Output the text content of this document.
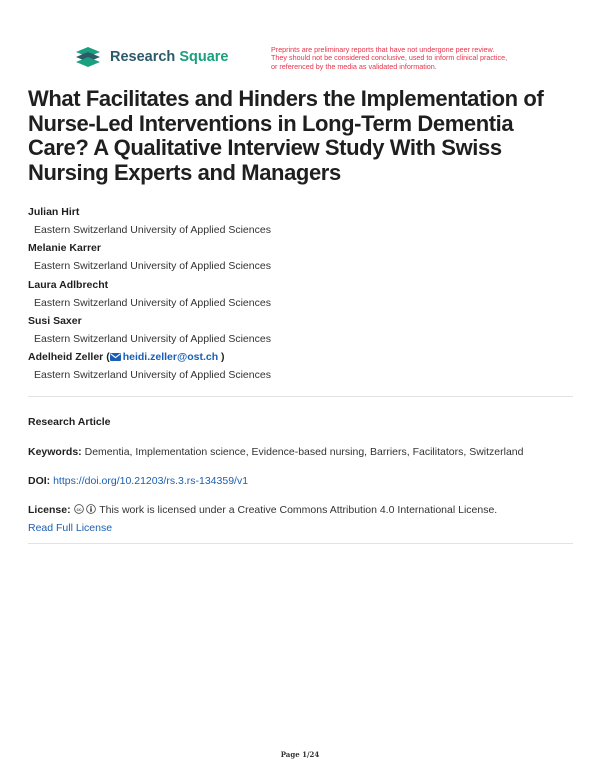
Research Square	Preprints are preliminary reports that have not undergone peer review.
They should not be considered conclusive, used to inform clinical practice,
or referenced by the media as validated information.
What Facilitates and Hinders the Implementation of Nurse-Led Interventions in Long-Term Dementia Care? A Qualitative Interview Study With Swiss Nursing Experts and Managers
Julian Hirt
Eastern Switzerland University of Applied Sciences
Melanie Karrer
Eastern Switzerland University of Applied Sciences
Laura Adlbrecht
Eastern Switzerland University of Applied Sciences
Susi Saxer
Eastern Switzerland University of Applied Sciences
Adelheid Zeller ( heidi.zeller@ost.ch )
Eastern Switzerland University of Applied Sciences
Research Article
Keywords: Dementia, Implementation science, Evidence-based nursing, Barriers, Facilitators, Switzerland
DOI: https://doi.org/10.21203/rs.3.rs-134359/v1
License: cc This work is licensed under a Creative Commons Attribution 4.0 International License.
Read Full License
Page 1/24
